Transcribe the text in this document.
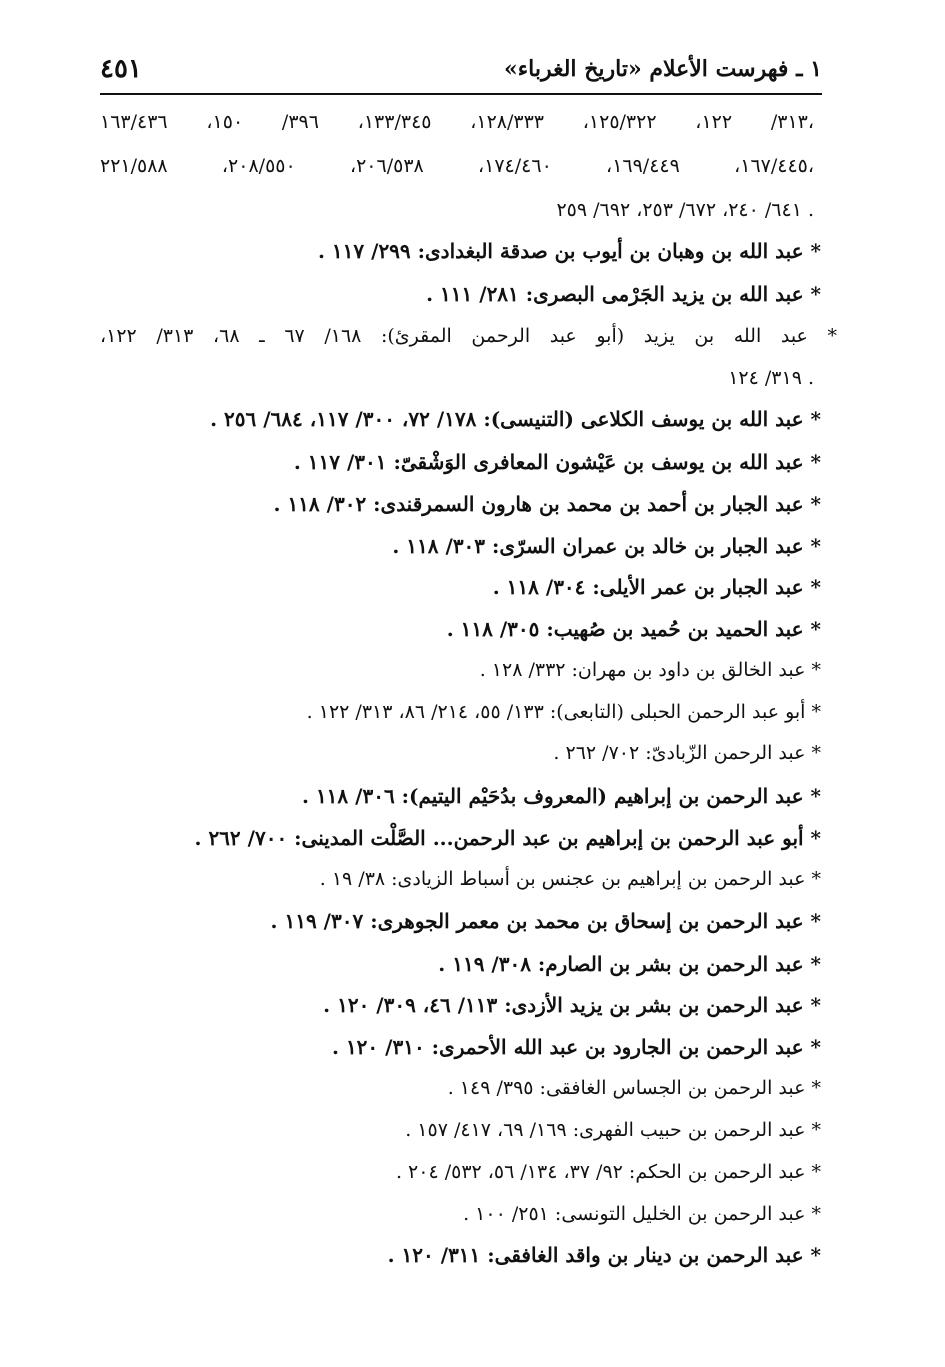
٤٥١	١ ـ فهرست الأعلام «تاريخ الغرباء»
٣١٣/ ١٢٢، ١٢٥/٣٢٢، ١٢٨/٣٣٣، ١٣٣/٣٤٥، ٣٩٦/ ١٥٠، ١٦٣/٤٣٦،
١٦٧/٤٤٥، ١٦٩/٤٤٩، ١٧٤/٤٦٠، ٢٠٦/٥٣٨، ٢٠٨/٥٥٠، ٢٢١/٥٨٨،
٦٤١/ ٢٤٠، ٦٧٢/ ٢٥٣، ٦٩٢/ ٢٥٩ .
* عبد الله بن وهبان بن أيوب بن صدقة البغدادى: ٢٩٩/ ١١٧ .
* عبد الله بن يزيد الجَرْمى البصرى: ٢٨١/ ١١١ .
* عبد الله بن يزيد (أبو عبد الرحمن المقرئ): ١٦٨/ ٦٧ ـ ٦٨، ٣١٣/ ١٢٢،
٣١٩/ ١٢٤ .
* عبد الله بن يوسف الكلاعى (التنيسى): ١٧٨/ ٧٢، ٣٠٠/ ١١٧، ٦٨٤/ ٢٥٦ .
* عبد الله بن يوسف بن عَيْشون المعافرى الوَشْقىّ: ٣٠١/ ١١٧ .
* عبد الجبار بن أحمد بن محمد بن هارون السمرقندى: ٣٠٢/ ١١٨ .
* عبد الجبار بن خالد بن عمران السرّى: ٣٠٣/ ١١٨ .
* عبد الجبار بن عمر الأيلى: ٣٠٤/ ١١٨ .
* عبد الحميد بن حُميد بن صُهيب: ٣٠٥/ ١١٨ .
* عبد الخالق بن داود بن مهران: ٣٣٢/ ١٢٨ .
* أبو عبد الرحمن الحبلى (التابعى): ١٣٣/ ٥٥، ٢١٤/ ٨٦، ٣١٣/ ١٢٢ .
* عبد الرحمن الزّبادىّ: ٧٠٢/ ٢٦٢ .
* عبد الرحمن بن إبراهيم (المعروف بدُحَيْم اليتيم): ٣٠٦/ ١١٨ .
* أبو عبد الرحمن بن إبراهيم بن عبد الرحمن... الصَّلْت المدينى: ٧٠٠/ ٢٦٢ .
* عبد الرحمن بن إبراهيم بن عجنس بن أسباط الزيادى: ٣٨/ ١٩ .
* عبد الرحمن بن إسحاق بن محمد بن معمر الجوهرى: ٣٠٧/ ١١٩ .
* عبد الرحمن بن بشر بن الصارم: ٣٠٨/ ١١٩ .
* عبد الرحمن بن بشر بن يزيد الأزدى: ١١٣/ ٤٦، ٣٠٩/ ١٢٠ .
* عبد الرحمن بن الجارود بن عبد الله الأحمرى: ٣١٠/ ١٢٠ .
* عبد الرحمن بن الجساس الغافقى: ٣٩٥/ ١٤٩ .
* عبد الرحمن بن حبيب الفهرى: ١٦٩/ ٦٩، ٤١٧/ ١٥٧ .
* عبد الرحمن بن الحكم: ٩٢/ ٣٧، ١٣٤/ ٥٦، ٥٣٢/ ٢٠٤ .
* عبد الرحمن بن الخليل التونسى: ٢٥١/ ١٠٠ .
* عبد الرحمن بن دينار بن واقد الغافقى: ٣١١/ ١٢٠ .
